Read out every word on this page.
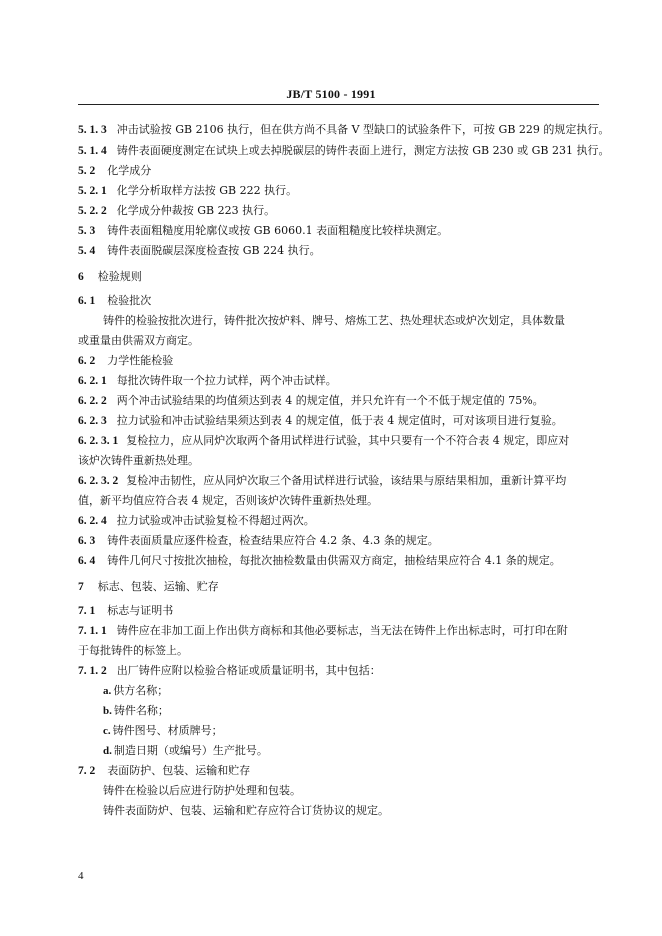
JB/T 5100 - 1991
5. 1. 3 冲击试验按 GB 2106 执行，但在供方尚不具备 V 型缺口的试验条件下，可按 GB 229 的规定执行。
5. 1. 4 铸件表面硬度测定在试块上或去掉脱碳层的铸件表面上进行，测定方法按 GB 230 或 GB 231 执行。
5. 2 化学成分
5. 2. 1 化学分析取样方法按 GB 222 执行。
5. 2. 2 化学成分仲裁按 GB 223 执行。
5. 3 铸件表面粗糙度用轮廓仪或按 GB 6060.1 表面粗糙度比较样块测定。
5. 4 铸件表面脱碳层深度检查按 GB 224 执行。
6 检验规则
6. 1 检验批次
铸件的检验按批次进行，铸件批次按炉料、牌号、熔炼工艺、热处理状态或炉次划定，具体数量
或重量由供需双方商定。
6. 2 力学性能检验
6. 2. 1 每批次铸件取一个拉力试样，两个冲击试样。
6. 2. 2 两个冲击试验结果的均值须达到表 4 的规定值，并只允许有一个不低于规定值的 75%。
6. 2. 3 拉力试验和冲击试验结果须达到表 4 的规定值，低于表 4 规定值时，可对该项目进行复验。
6. 2. 3. 1 复检拉力，应从同炉次取两个备用试样进行试验，其中只要有一个不符合表 4 规定，即应对
该炉次铸件重新热处理。
6. 2. 3. 2 复检冲击韧性，应从同炉次取三个备用试样进行试验，该结果与原结果相加，重新计算平均
值，新平均值应符合表 4 规定，否则该炉次铸件重新热处理。
6. 2. 4 拉力试验或冲击试验复检不得超过两次。
6. 3 铸件表面质量应逐件检查，检查结果应符合 4.2 条、4.3 条的规定。
6. 4 铸件几何尺寸按批次抽检，每批次抽检数量由供需双方商定，抽检结果应符合 4.1 条的规定。
7 标志、包装、运输、贮存
7. 1 标志与证明书
7. 1. 1 铸件应在非加工面上作出供方商标和其他必要标志，当无法在铸件上作出标志时，可打印在附
于每批铸件的标签上。
7. 1. 2 出厂铸件应附以检验合格证或质量证明书，其中包括：
a. 供方名称；
b. 铸件名称；
c. 铸件图号、材质牌号；
d. 制造日期（或编号）生产批号。
7. 2 表面防护、包装、运输和贮存
铸件在检验以后应进行防护处理和包装。
铸件表面防炉、包装、运输和贮存应符合订货协议的规定。
4
